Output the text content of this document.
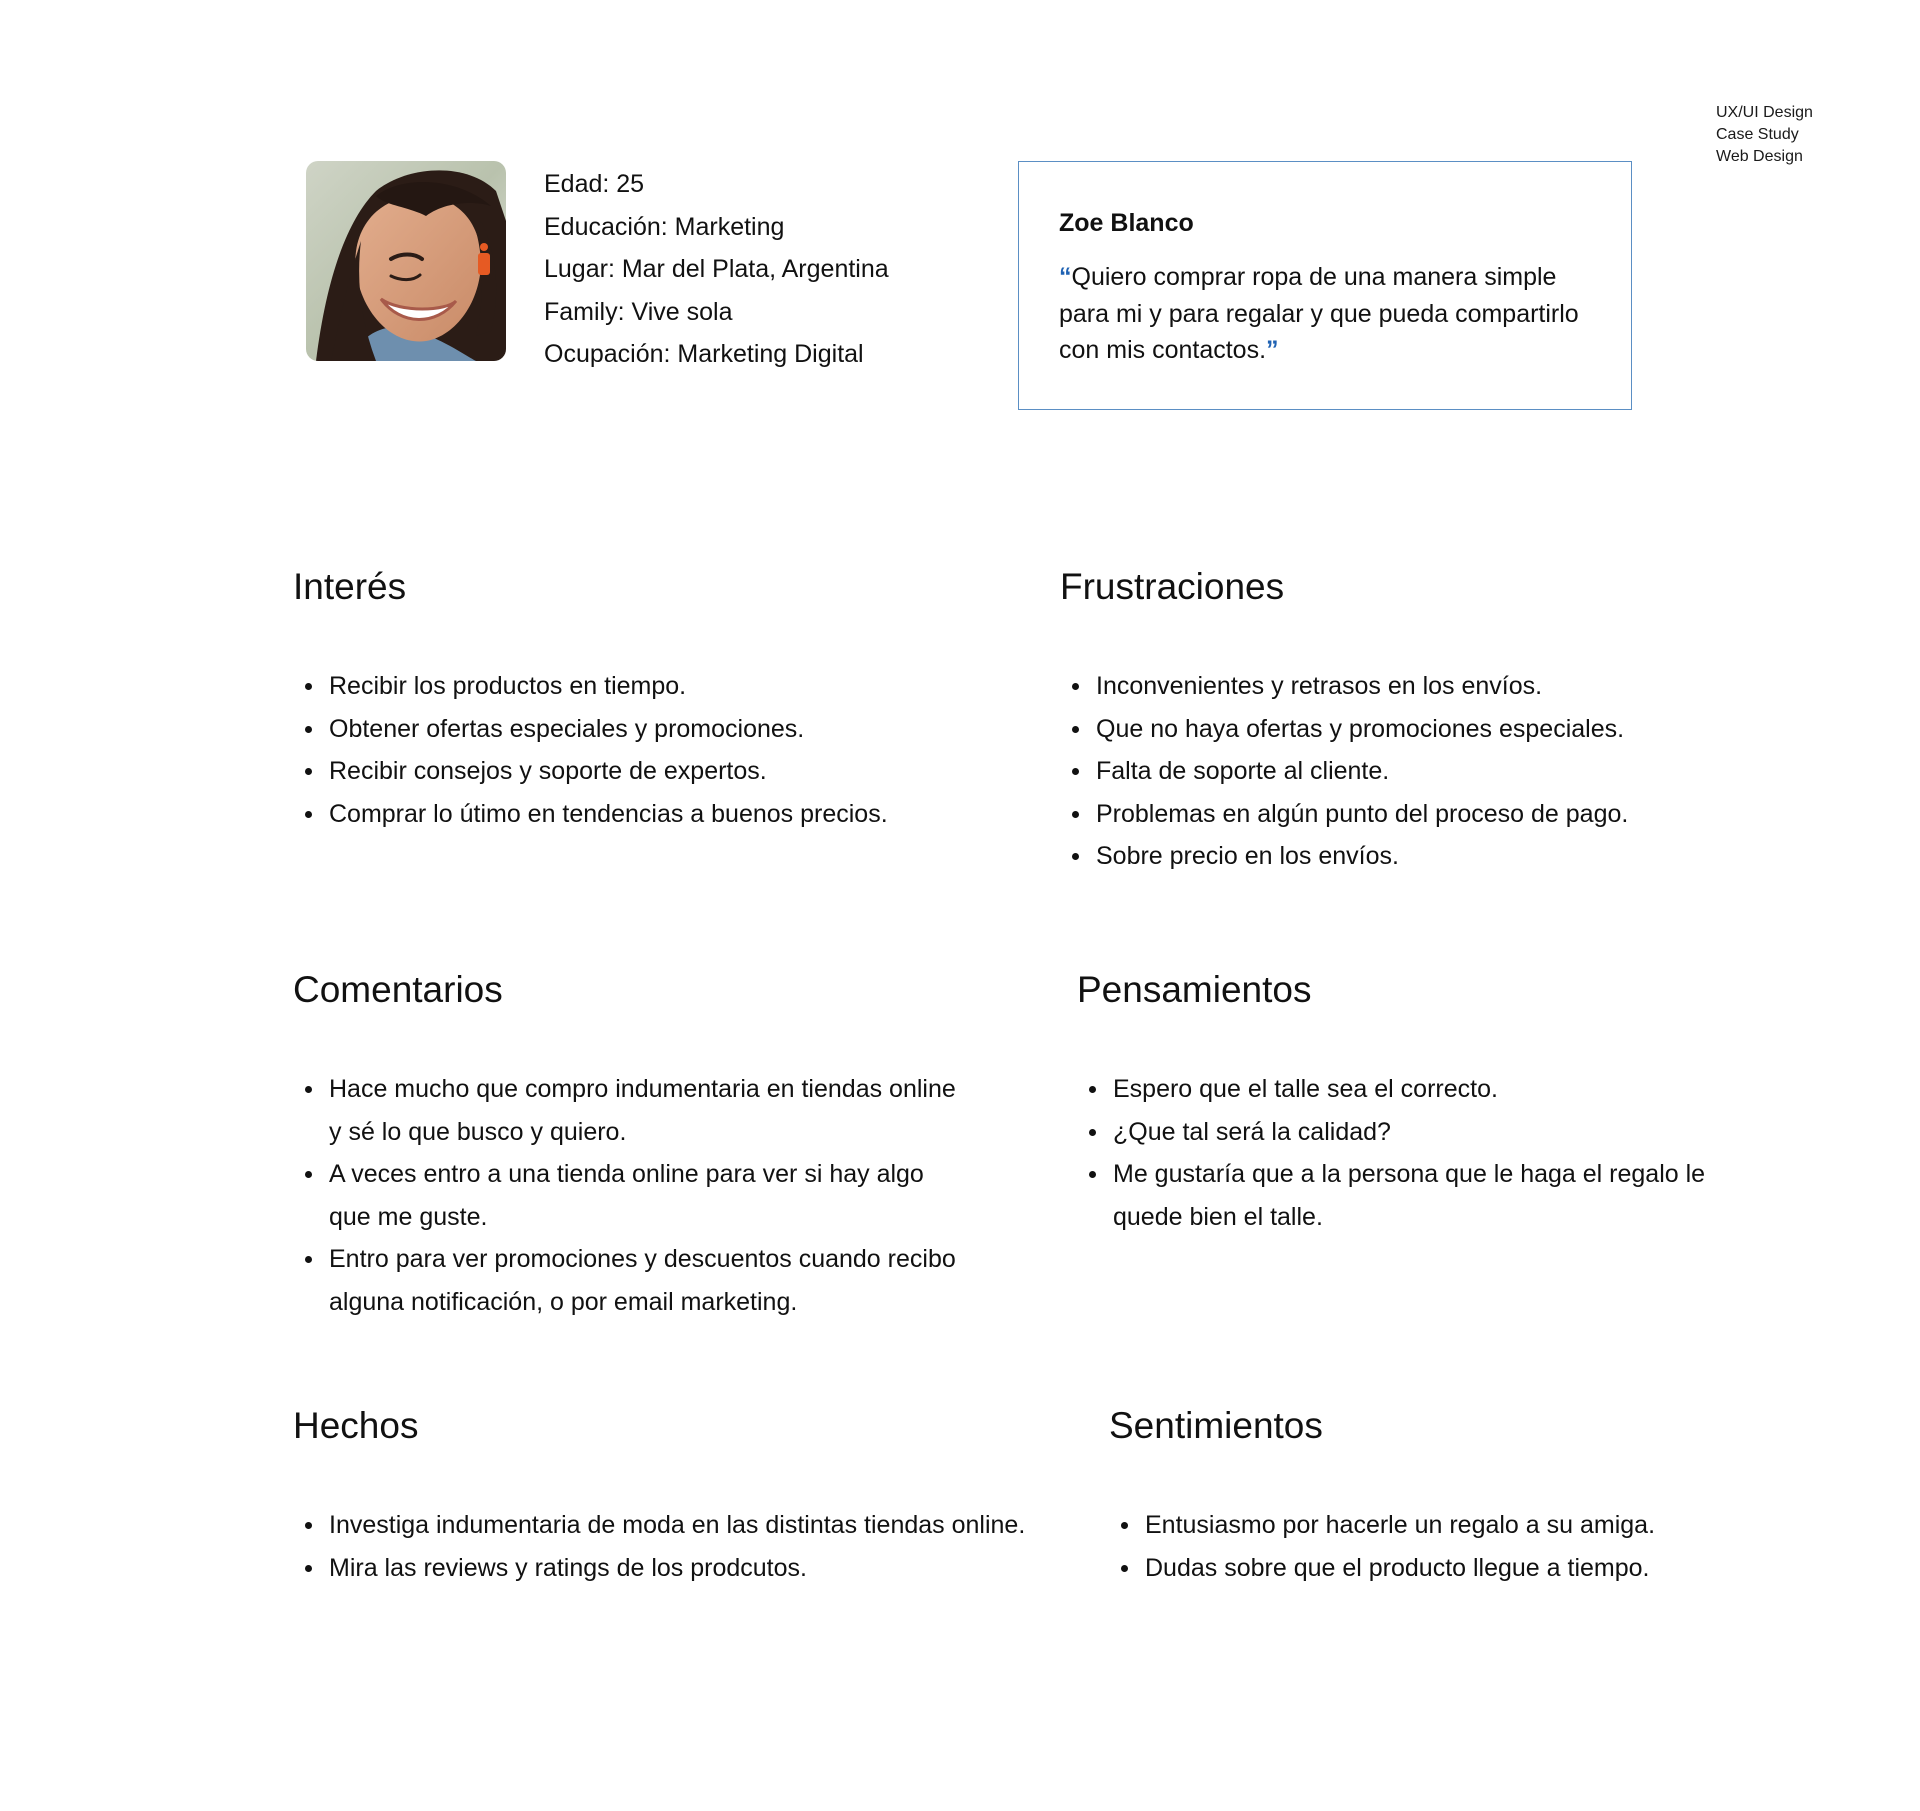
UX/UI Design
Case Study
Web Design
Edad: 25
Educación: Marketing
Lugar: Mar del Plata, Argentina
Family: Vive sola
Ocupación: Marketing Digital
Zoe Blanco
“Quiero comprar ropa de una manera simple para mi y para regalar y que pueda compartirlo con mis contactos.”
Interés
Recibir los productos en tiempo.
Obtener ofertas especiales y promociones.
Recibir consejos y soporte de expertos.
Comprar lo útimo en tendencias a buenos precios.
Frustraciones
Inconvenientes y retrasos en los envíos.
Que no haya ofertas y promociones especiales.
Falta de soporte al cliente.
Problemas en algún punto del proceso de pago.
Sobre precio en los envíos.
Comentarios
Hace mucho que compro indumentaria en tiendas online y sé lo que busco y quiero.
A veces entro a una tienda online para ver si hay algo que me guste.
Entro para ver promociones y descuentos cuando recibo alguna notificación, o por email marketing.
Pensamientos
Espero que el talle sea el correcto.
¿Que tal será la calidad?
Me gustaría que a la persona que le haga el regalo le quede bien el talle.
Hechos
Investiga indumentaria de moda en las distintas tiendas online.
Mira las reviews y ratings de los prodcutos.
Sentimientos
Entusiasmo por hacerle un regalo a su amiga.
Dudas sobre que el producto llegue a tiempo.
